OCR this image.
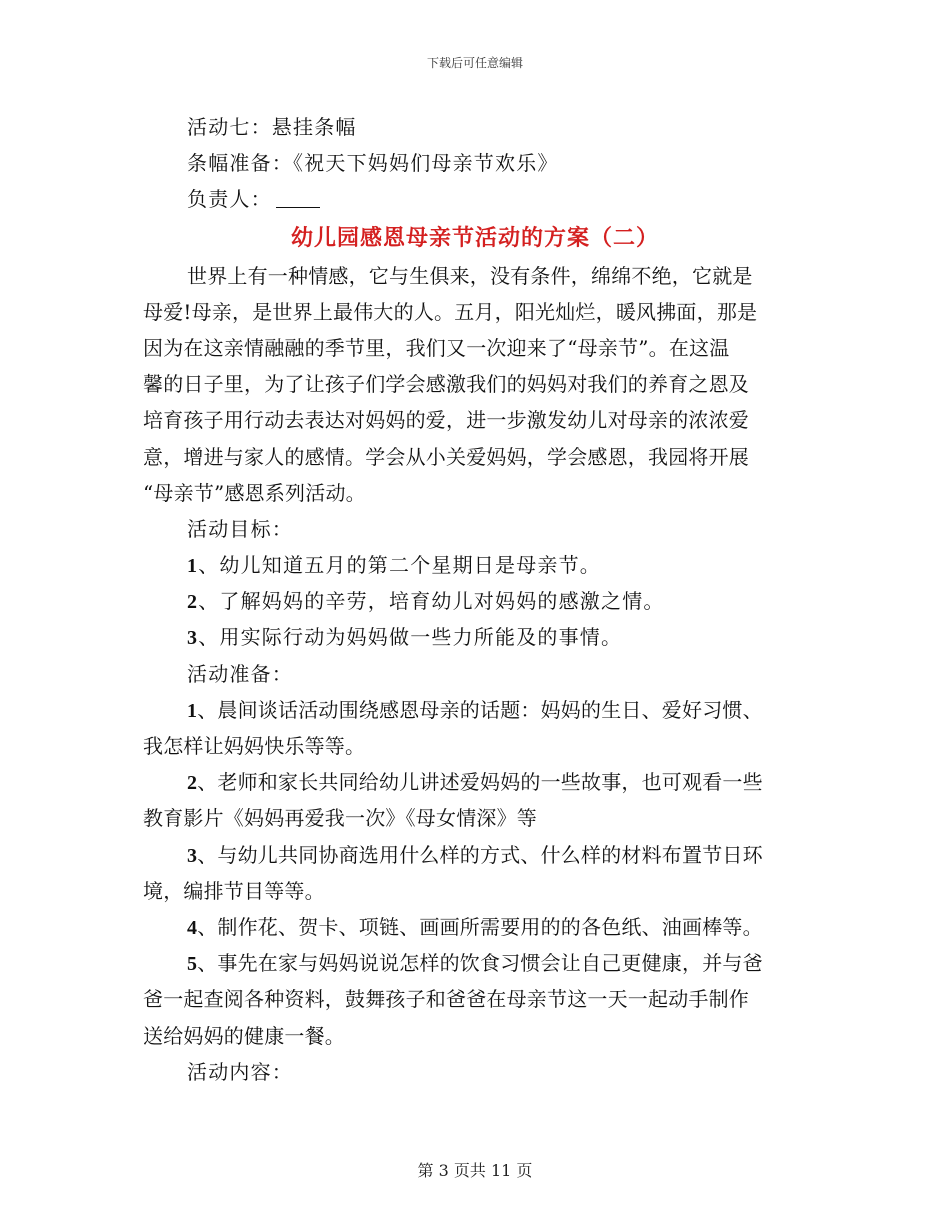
下载后可任意编辑
活动七：悬挂条幅
条幅准备：《祝天下妈妈们母亲节欢乐》
负责人：
幼儿园感恩母亲节活动的方案（二）
世界上有一种情感，它与生俱来，没有条件，绵绵不绝，它就是
母爱!母亲，是世界上最伟大的人。五月，阳光灿烂，暖风拂面，那是
因为在这亲情融融的季节里，我们又一次迎来了“母亲节”。在这温
馨的日子里，为了让孩子们学会感激我们的妈妈对我们的养育之恩及
培育孩子用行动去表达对妈妈的爱，进一步激发幼儿对母亲的浓浓爱
意，增进与家人的感情。学会从小关爱妈妈，学会感恩，我园将开展
“母亲节”感恩系列活动。
活动目标：
1、幼儿知道五月的第二个星期日是母亲节。
2、了解妈妈的辛劳，培育幼儿对妈妈的感激之情。
3、用实际行动为妈妈做一些力所能及的事情。
活动准备：
1、晨间谈话活动围绕感恩母亲的话题：妈妈的生日、爱好习惯、
我怎样让妈妈快乐等等。
2、老师和家长共同给幼儿讲述爱妈妈的一些故事，也可观看一些
教育影片《妈妈再爱我一次》《母女情深》等
3、与幼儿共同协商选用什么样的方式、什么样的材料布置节日环
境，编排节目等等。
4、制作花、贺卡、项链、画画所需要用的的各色纸、油画棒等。
5、事先在家与妈妈说说怎样的饮食习惯会让自己更健康，并与爸
爸一起查阅各种资料，鼓舞孩子和爸爸在母亲节这一天一起动手制作
送给妈妈的健康一餐。
活动内容：
第 3 页共 11 页
